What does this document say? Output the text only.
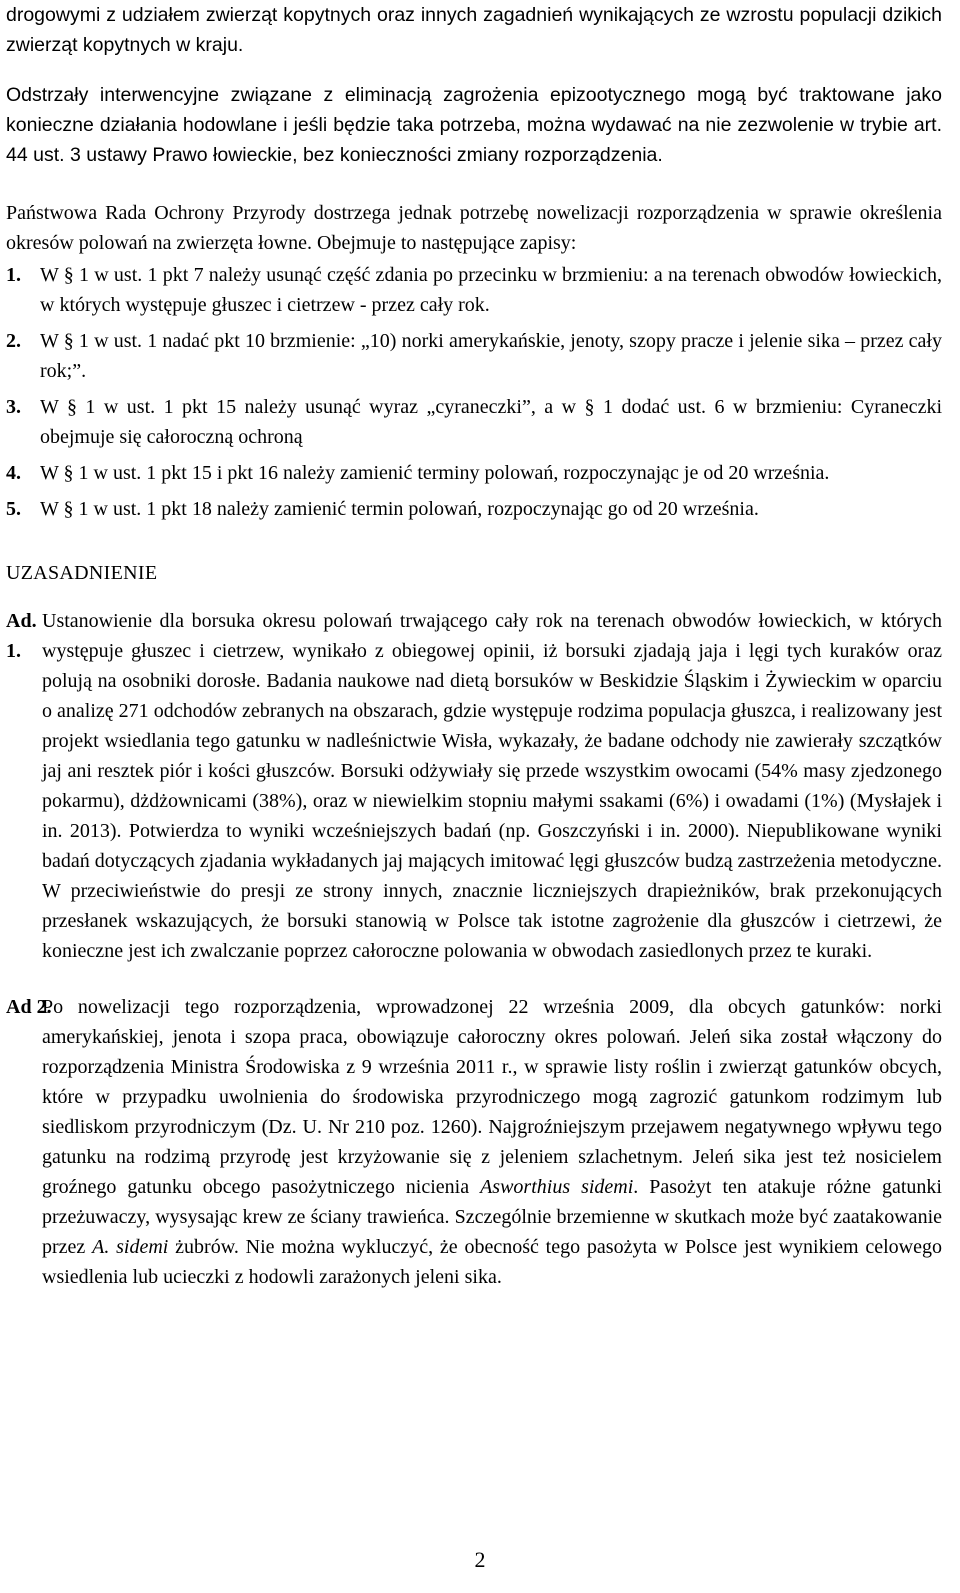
drogowymi z udziałem zwierząt kopytnych oraz innych zagadnień wynikających ze wzrostu populacji dzikich zwierząt kopytnych w kraju.

Odstrzały interwencyjne związane z eliminacją zagrożenia epizootycznego mogą być traktowane jako konieczne działania hodowlane i jeśli będzie taka potrzeba, można wydawać na nie zezwolenie w trybie art. 44 ust. 3 ustawy Prawo łowieckie, bez konieczności zmiany rozporządzenia.

Państwowa Rada Ochrony Przyrody dostrzega jednak potrzebę nowelizacji rozporządzenia w sprawie określenia okresów polowań na zwierzęta łowne. Obejmuje to następujące zapisy:

1. W § 1 w ust. 1 pkt 7 należy usunąć część zdania po przecinku w brzmieniu: a na terenach obwodów łowieckich, w których występuje głuszec i cietrzew - przez cały rok.

2. W § 1 w ust. 1 nadać pkt 10 brzmienie: „10) norki amerykańskie, jenoty, szopy pracze i jelenie sika – przez cały rok;”.

3. W § 1 w ust. 1 pkt 15 należy usunąć wyraz „cyraneczki”, a w § 1 dodać ust. 6 w brzmieniu: Cyraneczki obejmuje się całoroczną ochroną

4. W § 1 w ust. 1 pkt 15 i pkt 16 należy zamienić terminy polowań, rozpoczynając je od 20 września.

5. W § 1 w ust. 1 pkt 18 należy zamienić termin polowań, rozpoczynając go od 20 września.

UZASADNIENIE
Ad. 1.

Ustanowienie dla borsuka okresu polowań trwającego cały rok na terenach obwodów łowieckich, w których występuje głuszec i cietrzew, wynikało z obiegowej opinii, iż borsuki zjadają jaja i lęgi tych kuraków oraz polują na osobniki dorosłe. Badania naukowe nad dietą borsuków w Beskidzie Śląskim i Żywieckim w oparciu o analizę 271 odchodów zebranych na obszarach, gdzie występuje rodzima populacja głuszca, i realizowany jest projekt wsiedlania tego gatunku w nadleśnictwie Wisła, wykazały, że badane odchody nie zawierały szczątków jaj ani resztek piór i kości głuszców. Borsuki odżywiały się przede wszystkim owocami (54% masy zjedzonego pokarmu), dżdżownicami (38%), oraz w niewielkim stopniu małymi ssakami (6%) i owadami (1%) (Mysłajek i in. 2013). Potwierdza to wyniki wcześniejszych badań (np. Goszczyński i in. 2000). Niepublikowane wyniki badań dotyczących zjadania wykładanych jaj mających imitować lęgi głuszców budzą zastrzeżenia metodyczne. W przeciwieństwie do presji ze strony innych, znacznie liczniejszych drapieżników, brak przekonujących przesłanek wskazujących, że borsuki stanowią w Polsce tak istotne zagrożenie dla głuszców i cietrzewi, że konieczne jest ich zwalczanie poprzez całoroczne polowania w obwodach zasiedlonych przez te kuraki.

Ad 2.

Po nowelizacji tego rozporządzenia, wprowadzonej 22 września 2009, dla obcych gatunków: norki amerykańskiej, jenota i szopa praca, obowiązuje całoroczny okres polowań. Jeleń sika został włączony do rozporządzenia Ministra Środowiska z 9 września 2011 r., w sprawie listy roślin i zwierząt gatunków obcych, które w przypadku uwolnienia do środowiska przyrodniczego mogą zagrozić gatunkom rodzimym lub siedliskom przyrodniczym (Dz. U. Nr 210 poz. 1260). Najgroźniejszym przejawem negatywnego wpływu tego gatunku na rodzimą przyrodę jest krzyżowanie się z jeleniem szlachetnym. Jeleń sika jest też nosicielem groźnego gatunku obcego pasożytniczego nicienia Asworthius sidemi. Pasożyt ten atakuje różne gatunki przeżuwaczy, wysysając krew ze ściany trawieńca. Szczególnie brzemienne w skutkach może być zaatakowanie przez A. sidemi żubrów. Nie można wykluczyć, że obecność tego pasożyta w Polsce jest wynikiem celowego wsiedlenia lub ucieczki z hodowli zarażonych jeleni sika.

2
